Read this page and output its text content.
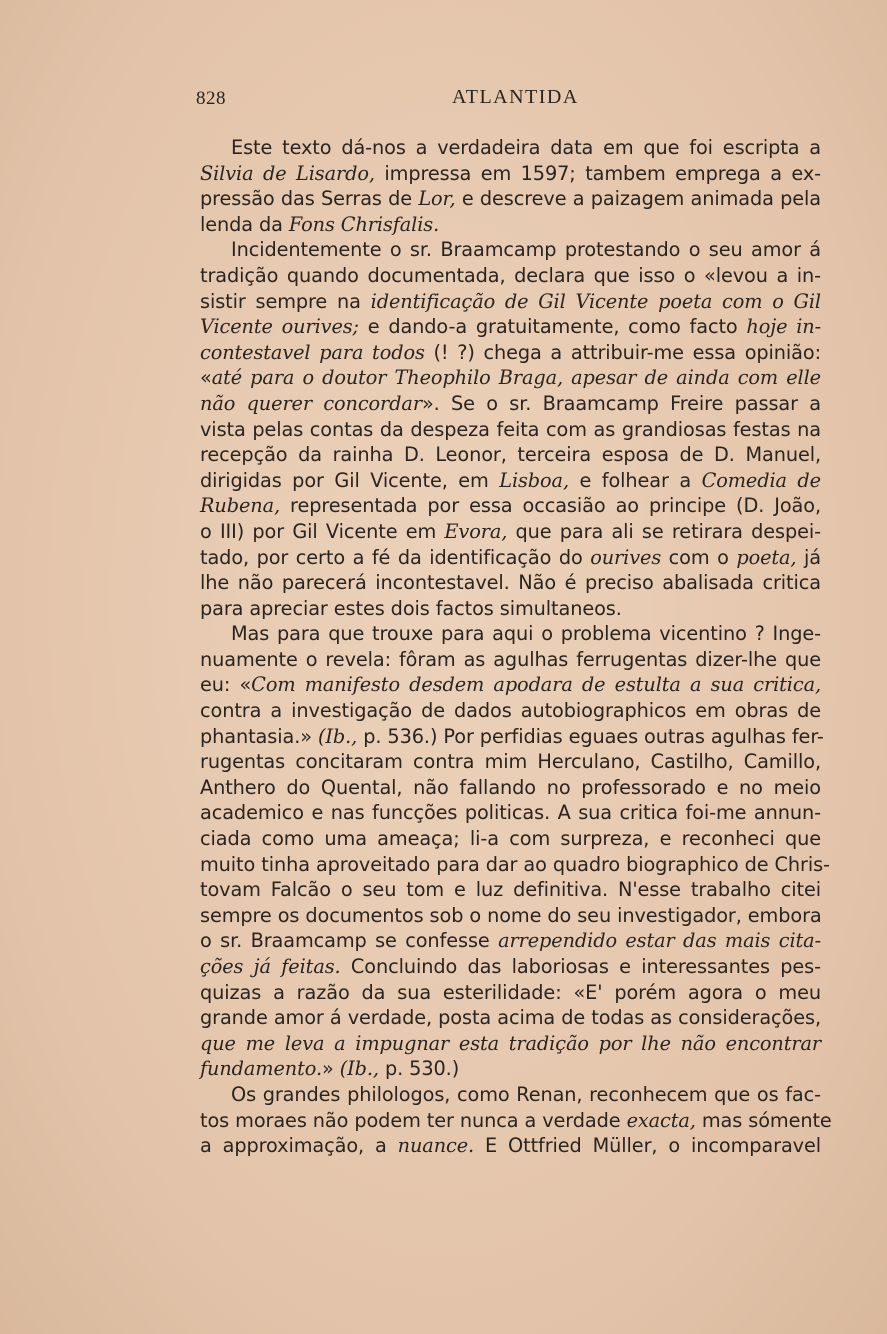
828	ATLANTIDA
Este texto dá-nos a verdadeira data em que foi escripta a
Silvia de Lisardo, impressa em 1597; tambem emprega a ex-
pressão das Serras de Lor, e descreve a paizagem animada pela
lenda da Fons Chrisfalis.
Incidentemente o sr. Braamcamp protestando o seu amor á
tradição quando documentada, declara que isso o «levou a in-
sistir sempre na identificação de Gil Vicente poeta com o Gil
Vicente ourives; e dando-a gratuitamente, como facto hoje in-
contestavel para todos (! ?) chega a attribuir-me essa opinião:
«até para o doutor Theophilo Braga, apesar de ainda com elle
não querer concordar». Se o sr. Braamcamp Freire passar a
vista pelas contas da despeza feita com as grandiosas festas na
recepção da rainha D. Leonor, terceira esposa de D. Manuel,
dirigidas por Gil Vicente, em Lisboa, e folhear a Comedia de
Rubena, representada por essa occasião ao principe (D. João,
o III) por Gil Vicente em Evora, que para ali se retirara despei-
tado, por certo a fé da identificação do ourives com o poeta, já
lhe não parecerá incontestavel. Não é preciso abalisada critica
para apreciar estes dois factos simultaneos.
Mas para que trouxe para aqui o problema vicentino ? Inge-
nuamente o revela: fôram as agulhas ferrugentas dizer-lhe que
eu: «Com manifesto desdem apodara de estulta a sua critica,
contra a investigação de dados autobiographicos em obras de
phantasia.» (Ib., p. 536.) Por perfidias eguaes outras agulhas fer-
rugentas concitaram contra mim Herculano, Castilho, Camillo,
Anthero do Quental, não fallando no professorado e no meio
academico e nas funcções politicas. A sua critica foi-me annun-
ciada como uma ameaça; li-a com surpreza, e reconheci que
muito tinha aproveitado para dar ao quadro biographico de Chris-
tovam Falcão o seu tom e luz definitiva. N'esse trabalho citei
sempre os documentos sob o nome do seu investigador, embora
o sr. Braamcamp se confesse arrependido estar das mais cita-
ções já feitas. Concluindo das laboriosas e interessantes pes-
quizas a razão da sua esterilidade: «E' porém agora o meu
grande amor á verdade, posta acima de todas as considerações,
que me leva a impugnar esta tradição por lhe não encontrar
fundamento.» (Ib., p. 530.)
Os grandes philologos, como Renan, reconhecem que os fac-
tos moraes não podem ter nunca a verdade exacta, mas sómente
a approximação, a nuance. E Ottfried Müller, o incomparavel
